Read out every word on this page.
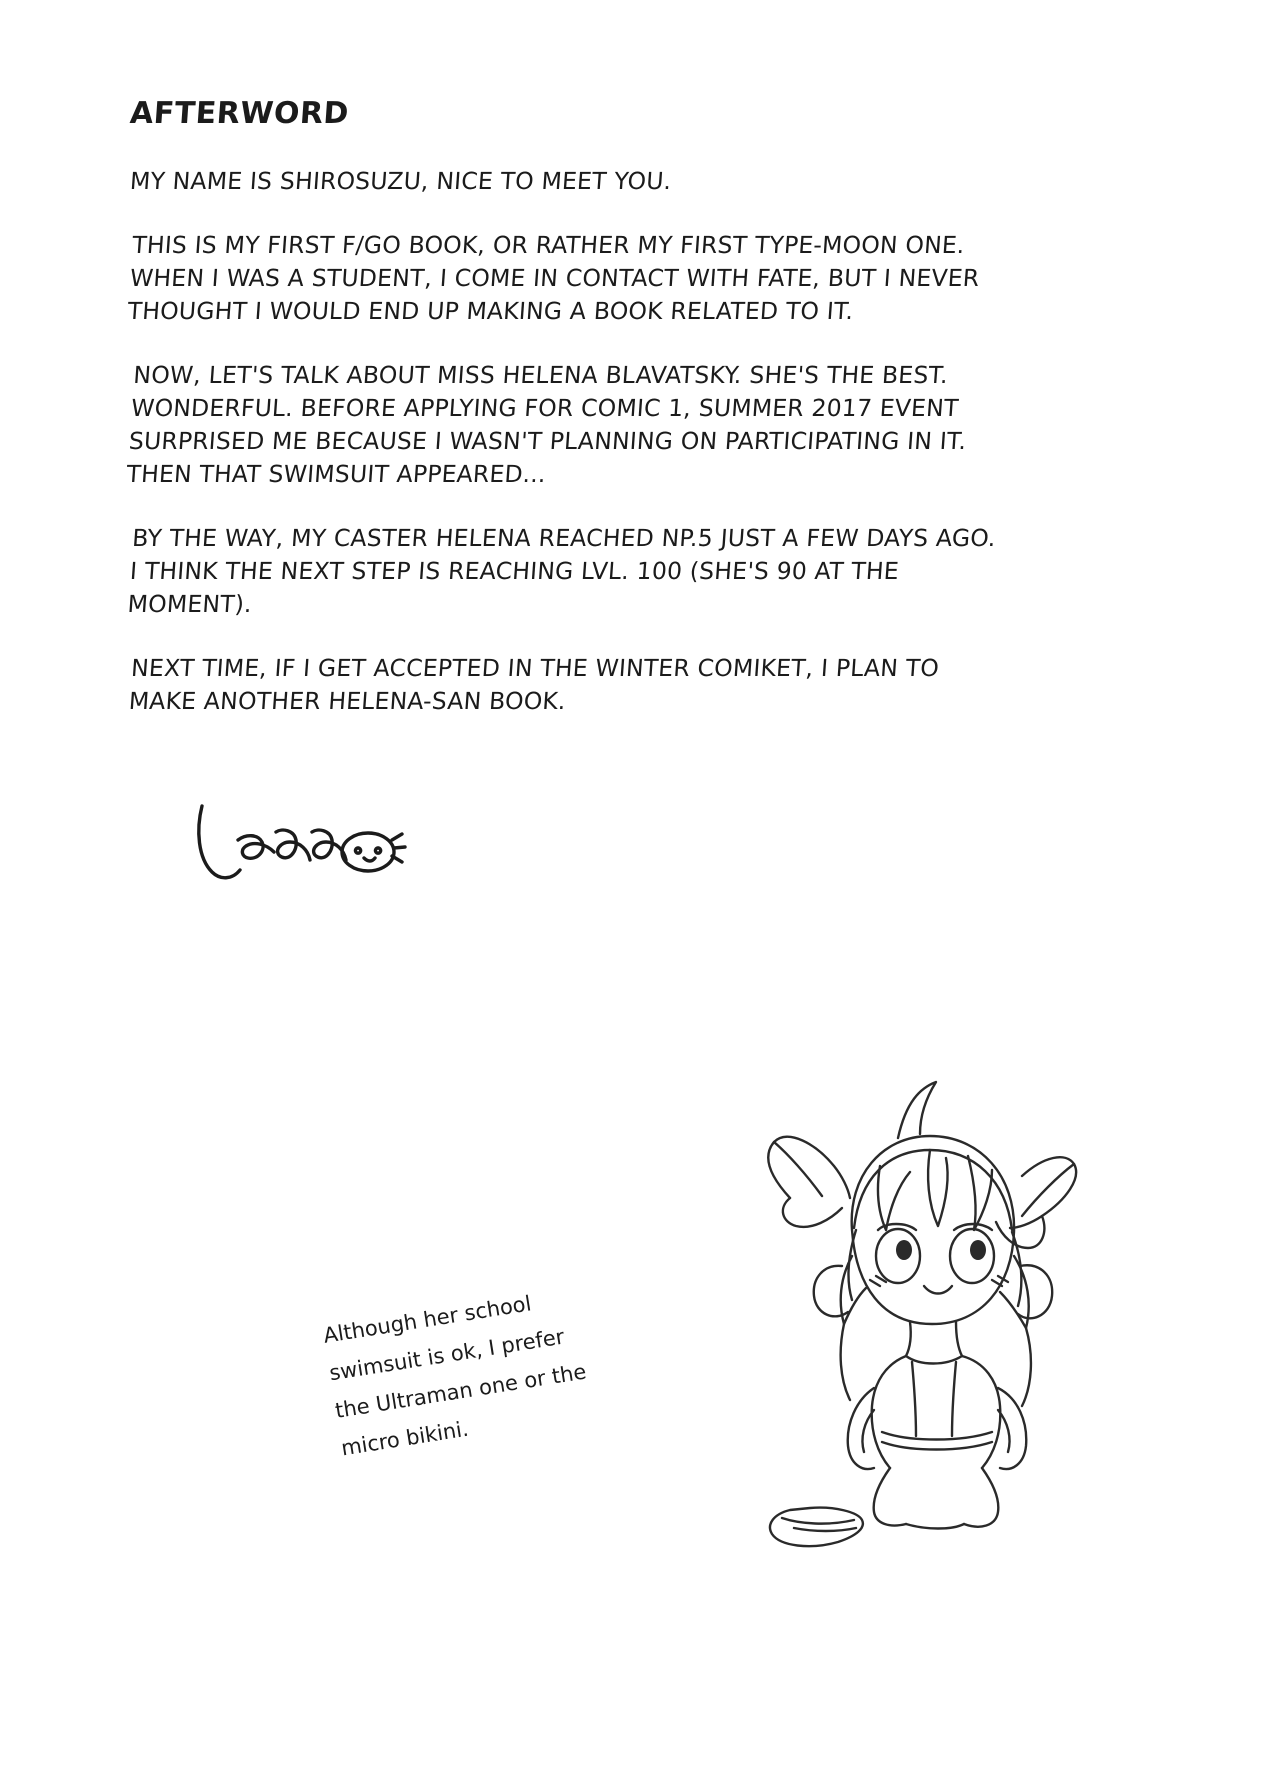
AFTERWORD

MY NAME IS SHIROSUZU, NICE TO MEET YOU.

THIS IS MY FIRST F/GO BOOK, OR RATHER MY FIRST TYPE-MOON ONE.
WHEN I WAS A STUDENT, I COME IN CONTACT WITH FATE, BUT I NEVER
THOUGHT I WOULD END UP MAKING A BOOK RELATED TO IT.

NOW, LET'S TALK ABOUT MISS HELENA BLAVATSKY. SHE'S THE BEST.
WONDERFUL. BEFORE APPLYING FOR COMIC 1, SUMMER 2017 EVENT
SURPRISED ME BECAUSE I WASN'T PLANNING ON PARTICIPATING IN IT.
THEN THAT SWIMSUIT APPEARED...

BY THE WAY, MY CASTER HELENA REACHED NP.5 JUST A FEW DAYS AGO.
I THINK THE NEXT STEP IS REACHING LVL. 100 (SHE'S 90 AT THE
MOMENT).

NEXT TIME, IF I GET ACCEPTED IN THE WINTER COMIKET, I PLAN TO
MAKE ANOTHER HELENA-SAN BOOK.

Although her school
swimsuit is ok, I prefer
the Ultraman one or the
micro bikini.
